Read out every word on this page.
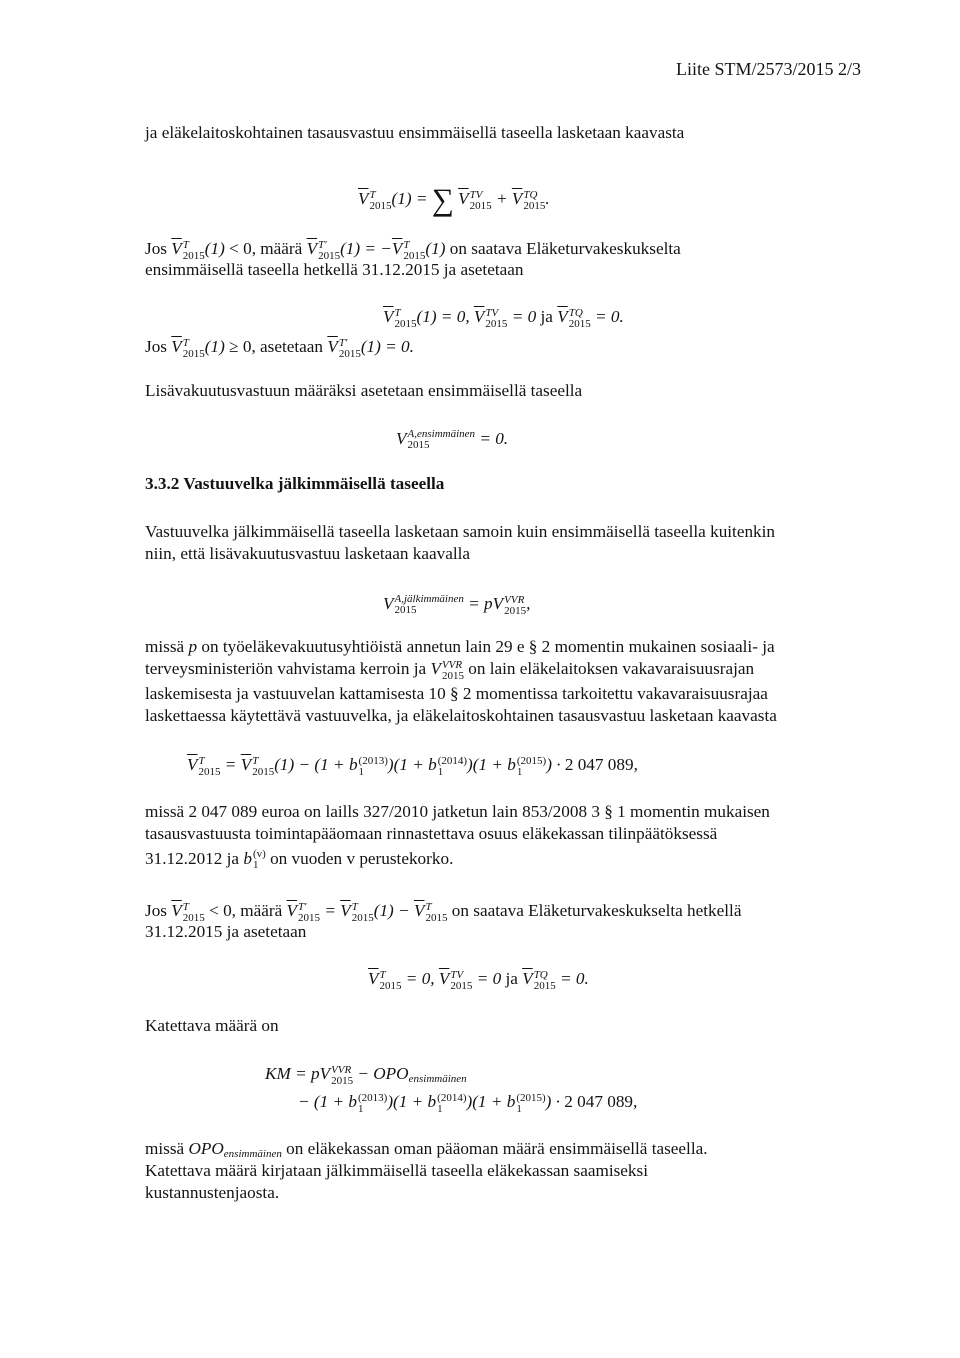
Liite STM/2573/2015 2/3
ja eläkelaitoskohtainen tasausvastuu ensimmäisellä taseella lasketaan kaavasta
$\overline{V}$ T
2015 (1) = ∑ $\overline{V}$ TV
$2015 + \overline{V}$ TQ
2015 .
Jos $\overline{V}$ T
2015 (1) < 0, määrä $\overline{V}$ T′
2015 $(1) = -\overline{V}$ T
2015 (1) on saatava Eläketurvakeskukselta
ensimmäisellä taseella hetkellä 31.12.2015 ja asetetaan
$\overline{V}$ T
2015 (1) = 0, $\overline{V}$ TV
2015 = 0 ja $\overline{V}$ TQ
2015 = 0.
Jos $\overline{V}$ T
2015 (1) ≥ 0, asetetaan $\overline{V}$ T′
2015 (1) = 0.
Lisävakuutusvastuun määräksi asetetaan ensimmäisellä taseella
V A,ensimmäinen
2015	= 0.
3.3.2 Vastuuvelka jälkimmäisellä taseella
Vastuuvelka jälkimmäisellä taseella lasketaan samoin kuin ensimmäisellä taseella kuitenkin
niin, että lisävakuutusvastuu lasketaan kaavalla
V A,jälkimmäinen
2015	= pV VVR
2015 ,
missä p on työeläkevakuutusyhtiöistä annetun lain 29 e § 2 momentin mukainen sosiaali- ja
terveysministeriön vahvistama kerroin ja V VVR
2015 on lain eläkelaitoksen vakavaraisuusrajan
laskemisesta ja vastuuvelan kattamisesta 10 § 2 momentissa tarkoitettu vakavaraisuusrajaa
laskettaessa käytettävä vastuuvelka, ja eläkelaitoskohtainen tasausvastuu lasketaan kaavasta
$\overline{V}$ T
$2015 = \overline{V}$ T
2015 (1) − (1 + b (2013)
1	)(1 + b (2014)
1	)(1 + b (2015)
1	) · 2 047 089,
missä 2 047 089 euroa on laills 327/2010 jatketun lain 853/2008 3 § 1 momentin mukaisen
tasausvastuusta toimintapääomaan rinnastettava osuus eläkekassan tilinpäätöksessä
31.12.2012 ja b (v)
1 on vuoden v perustekorko.
Jos $\overline{V}$ T
2015 < 0, määrä $\overline{V}$ T′
$2015 = \overline{V}$ T
2015 $(1) - \overline{V}$ T
2015 on saatava Eläketurvakeskukselta hetkellä
31.12.2015 ja asetetaan
$\overline{V}$ T
2015 = 0, $\overline{V}$ TV
2015 = 0 ja $\overline{V}$ TQ
2015 = 0.
Katettava määrä on
KM = pV VVR
$2015 - OPO_{ensimmäinen}$
− (1 + b (2013)
1	)(1 + b (2014)
1	)(1 + b (2015)
1	) · 2 047 089,
missä $OPO_{ensimmäinen}$ on eläkekassan oman pääoman määrä ensimmäisellä taseella.
Katettava määrä kirjataan jälkimmäisellä taseella eläkekassan saamiseksi
kustannustenjaosta.
